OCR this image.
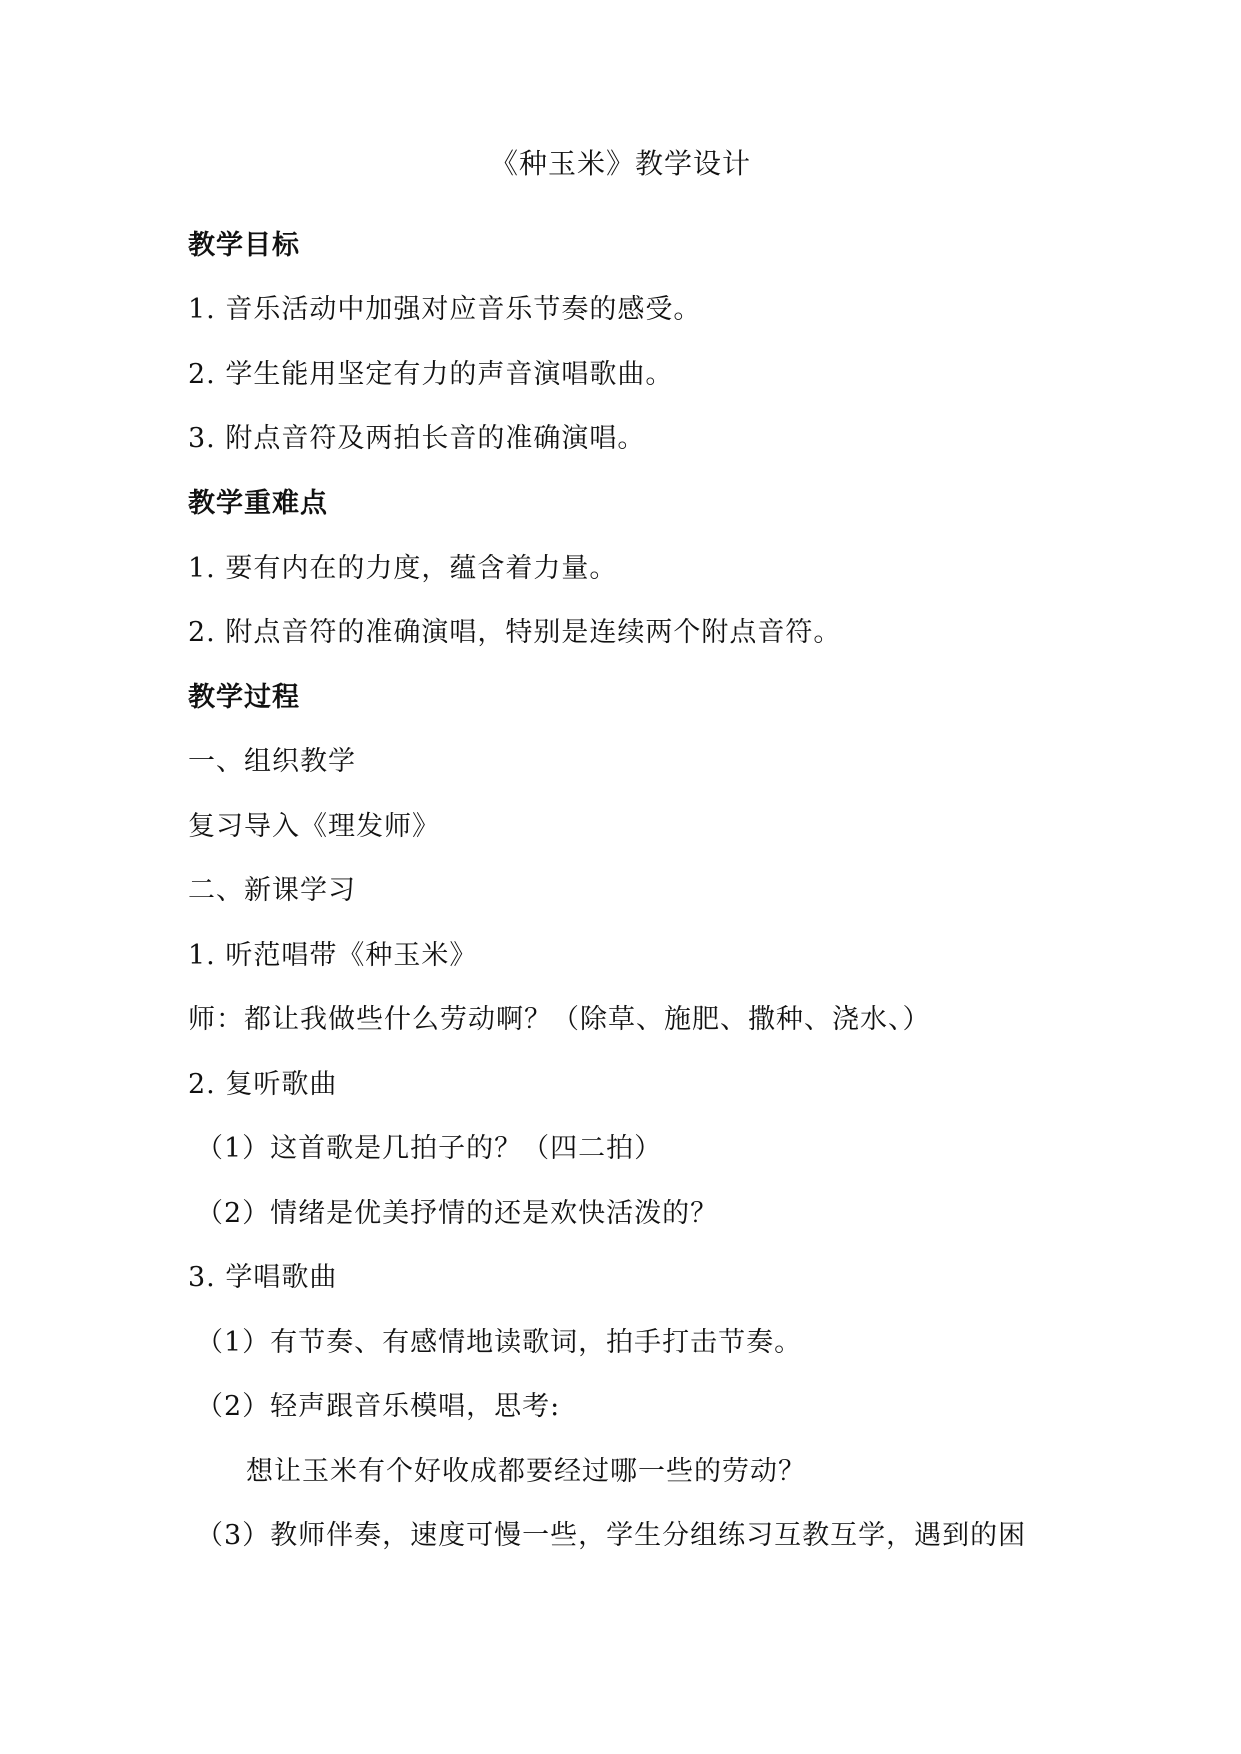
《种玉米》教学设计
教学目标
1. 音乐活动中加强对应音乐节奏的感受。
2. 学生能用坚定有力的声音演唱歌曲。
3. 附点音符及两拍长音的准确演唱。
教学重难点
1. 要有内在的力度，蕴含着力量。
2. 附点音符的准确演唱，特别是连续两个附点音符。
教学过程
一、组织教学
复习导入《理发师》
二、新课学习
1. 听范唱带《种玉米》
师：都让我做些什么劳动啊？（除草、施肥、撒种、浇水、）
2. 复听歌曲
（1）这首歌是几拍子的？（四二拍）
（2）情绪是优美抒情的还是欢快活泼的？
3. 学唱歌曲
（1）有节奏、有感情地读歌词，拍手打击节奏。
（2）轻声跟音乐模唱，思考:
想让玉米有个好收成都要经过哪一些的劳动？
（3）教师伴奏，速度可慢一些，学生分组练习互教互学，遇到的困
